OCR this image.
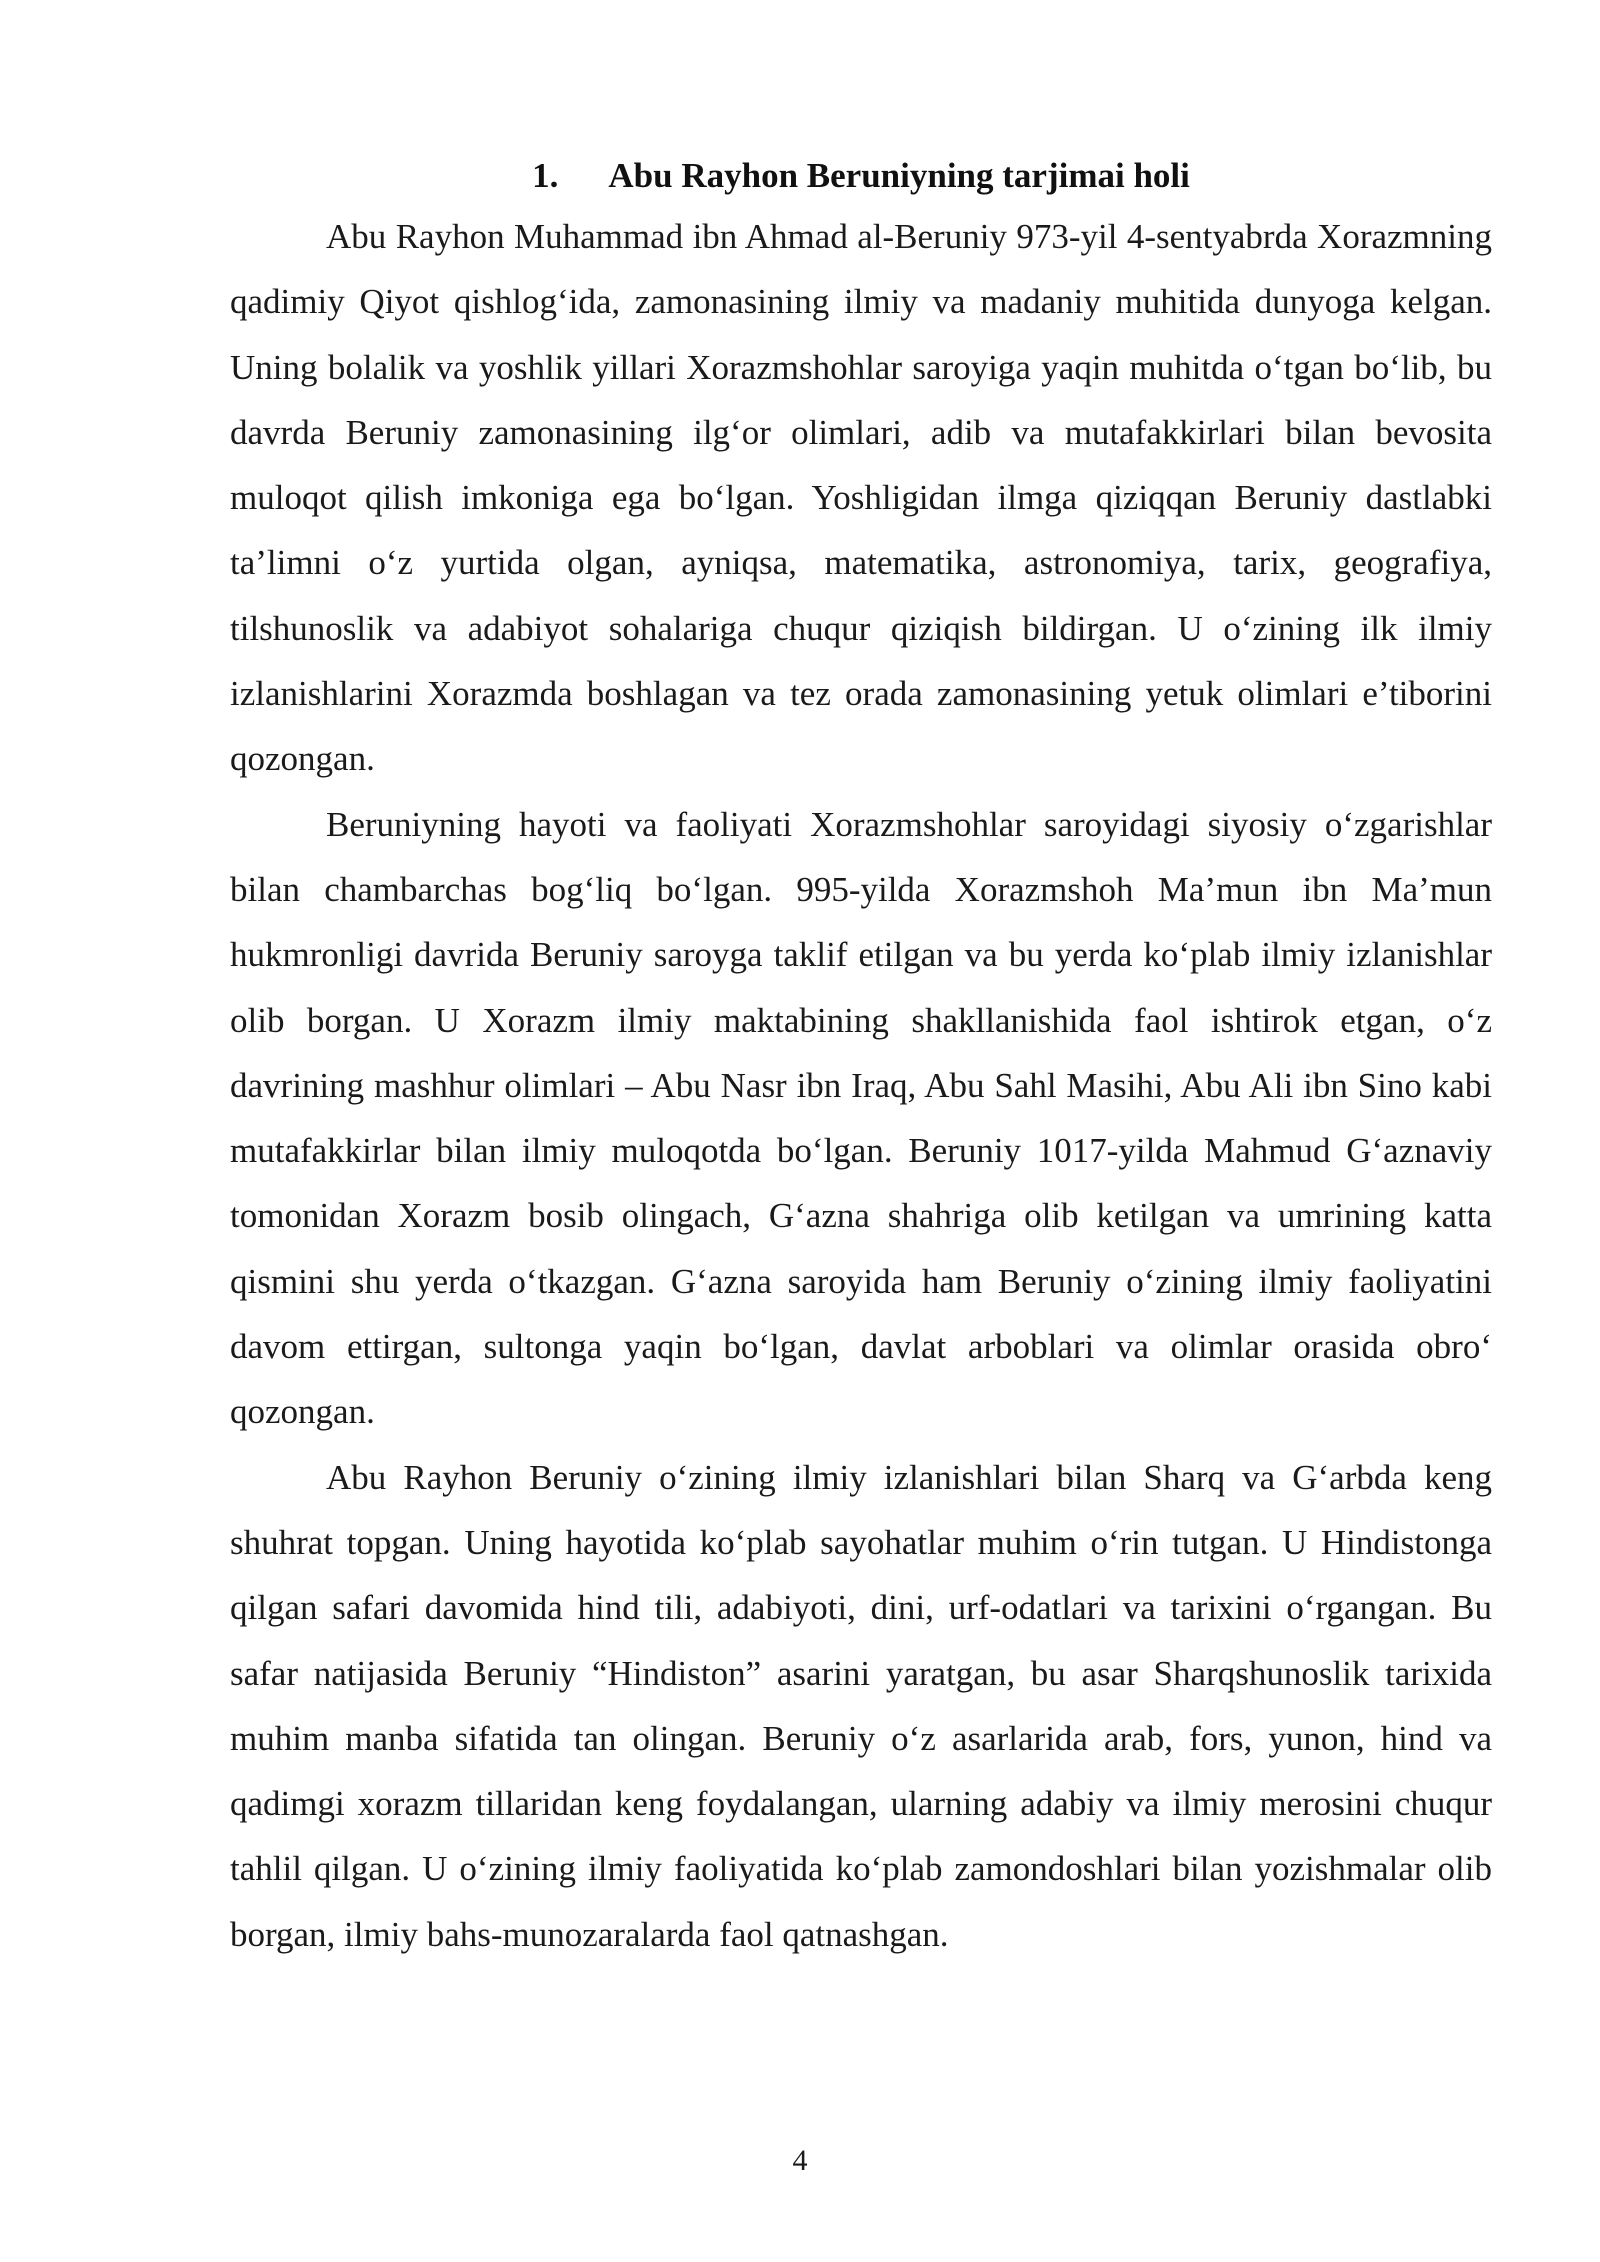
1. Abu Rayhon Beruniyning tarjimai holi

Abu Rayhon Muhammad ibn Ahmad al-Beruniy 973-yil 4-sentyabrda Xorazmning qadimiy Qiyot qishlog‘ida, zamonasining ilmiy va madaniy muhitida dunyoga kelgan. Uning bolalik va yoshlik yillari Xorazmshohlar saroyiga yaqin muhitda o‘tgan bo‘lib, bu davrda Beruniy zamonasining ilg‘or olimlari, adib va mutafakkirlari bilan bevosita muloqot qilish imkoniga ega bo‘lgan. Yoshligidan ilmga qiziqqan Beruniy dastlabki ta’limni o‘z yurtida olgan, ayniqsa, matematika, astronomiya, tarix, geografiya, tilshunoslik va adabiyot sohalariga chuqur qiziqish bildirgan. U o‘zining ilk ilmiy izlanishlarini Xorazmda boshlagan va tez orada zamonasining yetuk olimlari e’tiborini qozongan.

Beruniyning hayoti va faoliyati Xorazmshohlar saroyidagi siyosiy o‘zgarishlar bilan chambarchas bog‘liq bo‘lgan. 995-yilda Xorazmshoh Ma’mun ibn Ma’mun hukmronligi davrida Beruniy saroyga taklif etilgan va bu yerda ko‘plab ilmiy izlanishlar olib borgan. U Xorazm ilmiy maktabining shakllanishida faol ishtirok etgan, o‘z davrining mashhur olimlari – Abu Nasr ibn Iraq, Abu Sahl Masihi, Abu Ali ibn Sino kabi mutafakkirlar bilan ilmiy muloqotda bo‘lgan. Beruniy 1017-yilda Mahmud G‘aznaviy tomonidan Xorazm bosib olingach, G‘azna shahriga olib ketilgan va umrining katta qismini shu yerda o‘tkazgan. G‘azna saroyida ham Beruniy o‘zining ilmiy faoliyatini davom ettirgan, sultonga yaqin bo‘lgan, davlat arboblari va olimlar orasida obro‘ qozongan.

Abu Rayhon Beruniy o‘zining ilmiy izlanishlari bilan Sharq va G‘arbda keng shuhrat topgan. Uning hayotida ko‘plab sayohatlar muhim o‘rin tutgan. U Hindistonga qilgan safari davomida hind tili, adabiyoti, dini, urf-odatlari va tarixini o‘rgangan. Bu safar natijasida Beruniy “Hindiston” asarini yaratgan, bu asar Sharqshunoslik tarixida muhim manba sifatida tan olingan. Beruniy o‘z asarlarida arab, fors, yunon, hind va qadimgi xorazm tillaridan keng foydalangan, ularning adabiy va ilmiy merosini chuqur tahlil qilgan. U o‘zining ilmiy faoliyatida ko‘plab zamondoshlari bilan yozishmalar olib borgan, ilmiy bahs-munozaralarda faol qatnashgan.

4
